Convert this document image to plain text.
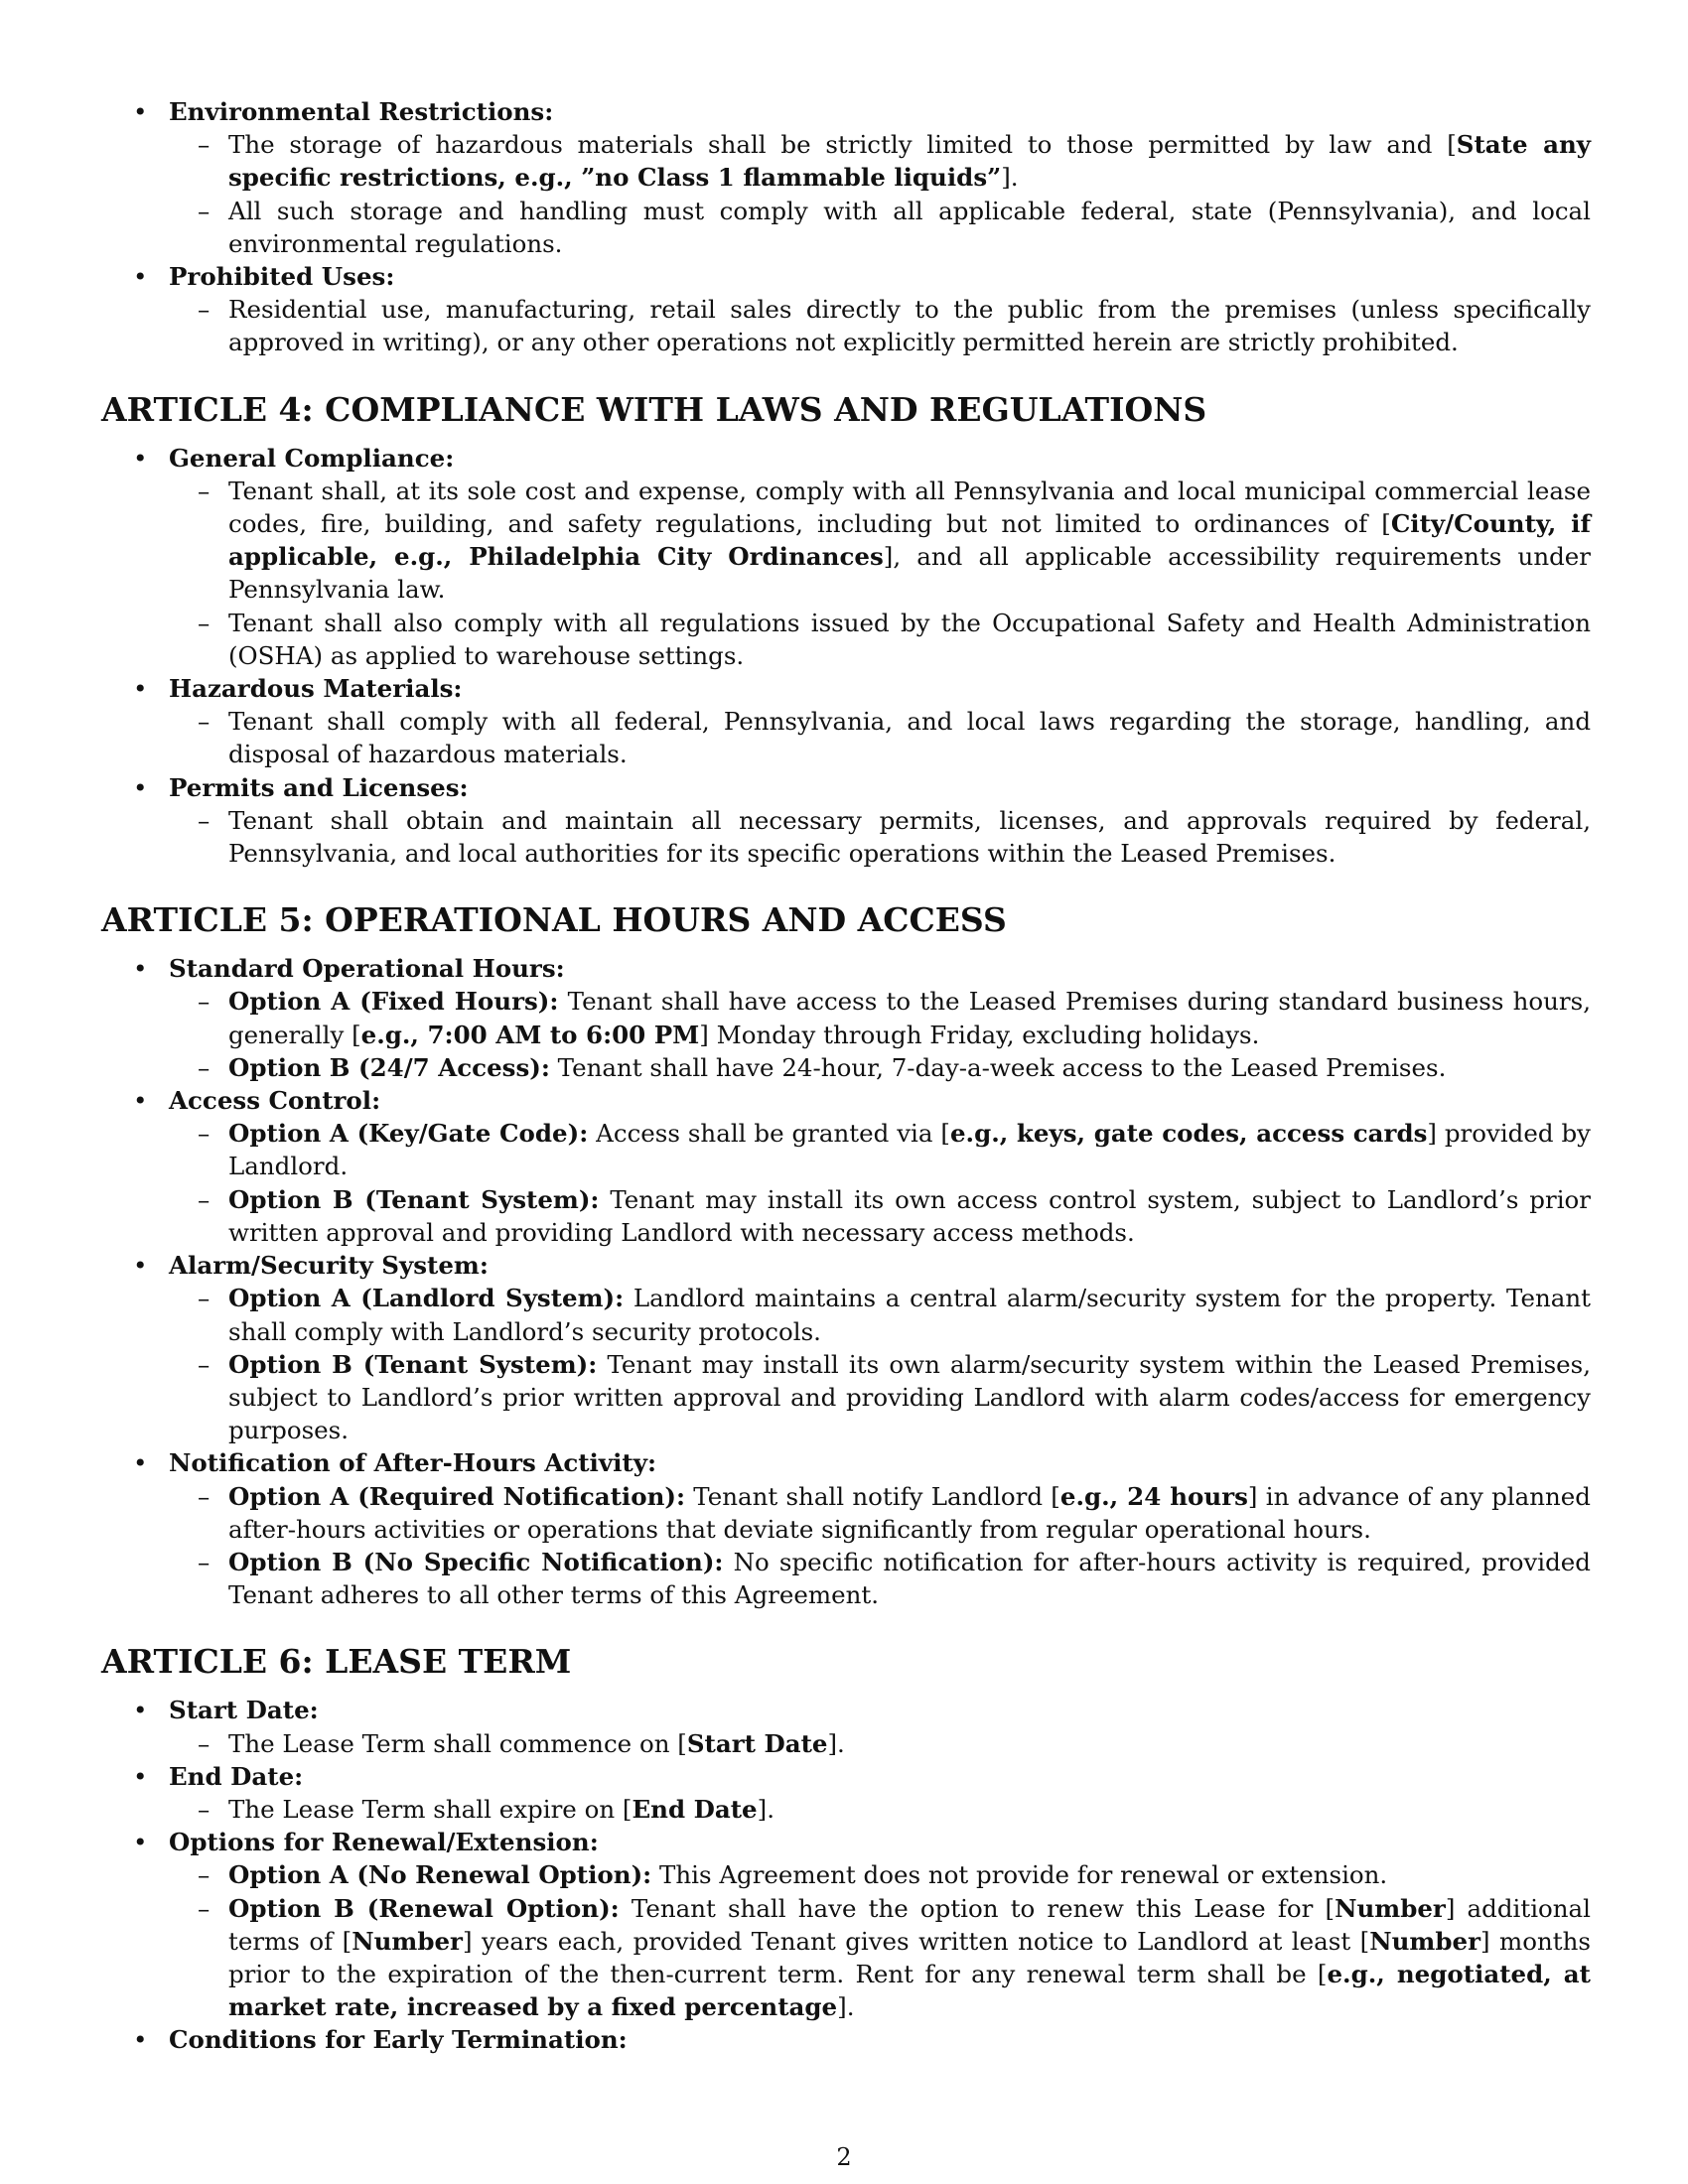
• Environmental Restrictions:

– The storage of hazardous materials shall be strictly limited to those permitted by law and [State any specific restrictions, e.g., ”no Class 1 flammable liquids”].

– All such storage and handling must comply with all applicable federal, state (Pennsylvania), and local environmental regulations.

• Prohibited Uses:

– Residential use, manufacturing, retail sales directly to the public from the premises (unless specifically approved in writing), or any other operations not explicitly permitted herein are strictly prohibited.

ARTICLE 4: COMPLIANCE WITH LAWS AND REGULATIONS

• General Compliance:

– Tenant shall, at its sole cost and expense, comply with all Pennsylvania and local municipal commercial lease codes, fire, building, and safety regulations, including but not limited to ordinances of [City/County, if applicable, e.g., Philadelphia City Ordinances], and all applicable accessibility requirements under Pennsylvania law.

– Tenant shall also comply with all regulations issued by the Occupational Safety and Health Administration (OSHA) as applied to warehouse settings.

• Hazardous Materials:

– Tenant shall comply with all federal, Pennsylvania, and local laws regarding the storage, handling, and disposal of hazardous materials.

• Permits and Licenses:

– Tenant shall obtain and maintain all necessary permits, licenses, and approvals required by federal, Pennsylvania, and local authorities for its specific operations within the Leased Premises.

ARTICLE 5: OPERATIONAL HOURS AND ACCESS

• Standard Operational Hours:

– Option A (Fixed Hours): Tenant shall have access to the Leased Premises during standard business hours, generally [e.g., 7:00 AM to 6:00 PM] Monday through Friday, excluding holidays.

– Option B (24/7 Access): Tenant shall have 24-hour, 7-day-a-week access to the Leased Premises.

• Access Control:

– Option A (Key/Gate Code): Access shall be granted via [e.g., keys, gate codes, access cards] provided by Landlord.

– Option B (Tenant System): Tenant may install its own access control system, subject to Landlord’s prior written approval and providing Landlord with necessary access methods.

• Alarm/Security System:

– Option A (Landlord System): Landlord maintains a central alarm/security system for the property. Tenant shall comply with Landlord’s security protocols.

– Option B (Tenant System): Tenant may install its own alarm/security system within the Leased Premises, subject to Landlord’s prior written approval and providing Landlord with alarm codes/access for emergency purposes.

• Notification of After-Hours Activity:

– Option A (Required Notification): Tenant shall notify Landlord [e.g., 24 hours] in advance of any planned after-hours activities or operations that deviate significantly from regular operational hours.

– Option B (No Specific Notification): No specific notification for after-hours activity is required, provided Tenant adheres to all other terms of this Agreement.

ARTICLE 6: LEASE TERM

• Start Date:

– The Lease Term shall commence on [Start Date].

• End Date:

– The Lease Term shall expire on [End Date].

• Options for Renewal/Extension:

– Option A (No Renewal Option): This Agreement does not provide for renewal or extension.

– Option B (Renewal Option): Tenant shall have the option to renew this Lease for [Number] additional terms of [Number] years each, provided Tenant gives written notice to Landlord at least [Number] months prior to the expiration of the then-current term. Rent for any renewal term shall be [e.g., negotiated, at market rate, increased by a fixed percentage].

• Conditions for Early Termination:

2
